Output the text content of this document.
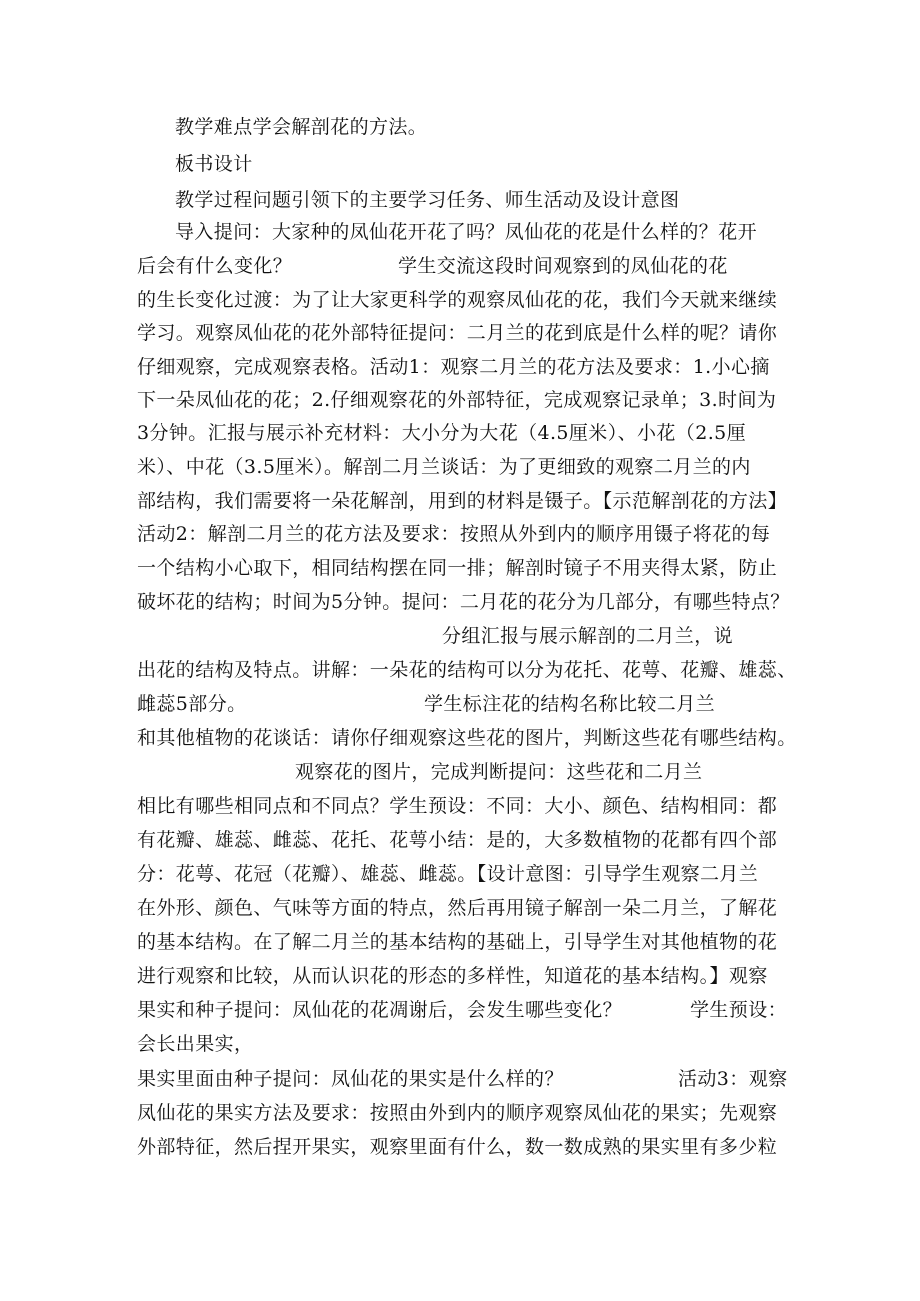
教学难点学会解剖花的方法。
板书设计
教学过程问题引领下的主要学习任务、师生活动及设计意图
导入提问：大家种的凤仙花开花了吗？凤仙花的花是什么样的？花开
后会有什么变化？	学生交流这段时间观察到的凤仙花的花
的生长变化过渡：为了让大家更科学的观察凤仙花的花，我们今天就来继续
学习。观察凤仙花的花外部特征提问：二月兰的花到底是什么样的呢？请你
仔细观察，完成观察表格。活动1：观察二月兰的花方法及要求：1.小心摘
下一朵凤仙花的花；2.仔细观察花的外部特征，完成观察记录单；3.时间为
3分钟。汇报与展示补充材料：大小分为大花（4.5厘米）、小花（2.5厘
米）、中花（3.5厘米）。解剖二月兰谈话：为了更细致的观察二月兰的内
部结构，我们需要将一朵花解剖，用到的材料是镊子。【示范解剖花的方法】
活动2：解剖二月兰的花方法及要求：按照从外到内的顺序用镊子将花的每
一个结构小心取下，相同结构摆在同一排；解剖时镜子不用夹得太紧，防止
破坏花的结构；时间为5分钟。提问：二月花的花分为几部分，有哪些特点？
分组汇报与展示解剖的二月兰，说
出花的结构及特点。讲解：一朵花的结构可以分为花托、花萼、花瓣、雄蕊、
雌蕊5部分。	学生标注花的结构名称比较二月兰
和其他植物的花谈话：请你仔细观察这些花的图片，判断这些花有哪些结构。
观察花的图片，完成判断提问：这些花和二月兰
相比有哪些相同点和不同点？学生预设：不同：大小、颜色、结构相同：都
有花瓣、雄蕊、雌蕊、花托、花萼小结：是的，大多数植物的花都有四个部
分：花萼、花冠（花瓣）、雄蕊、雌蕊。【设计意图：引导学生观察二月兰
在外形、颜色、气味等方面的特点，然后再用镜子解剖一朵二月兰，了解花
的基本结构。在了解二月兰的基本结构的基础上，引导学生对其他植物的花
进行观察和比较，从而认识花的形态的多样性，知道花的基本结构。】观察
果实和种子提问：凤仙花的花凋谢后，会发生哪些变化？	学生预设：
会长出果实，
果实里面由种子提问：凤仙花的果实是什么样的？	活动3：观察
凤仙花的果实方法及要求：按照由外到内的顺序观察凤仙花的果实；先观察
外部特征，然后捏开果实，观察里面有什么，数一数成熟的果实里有多少粒
